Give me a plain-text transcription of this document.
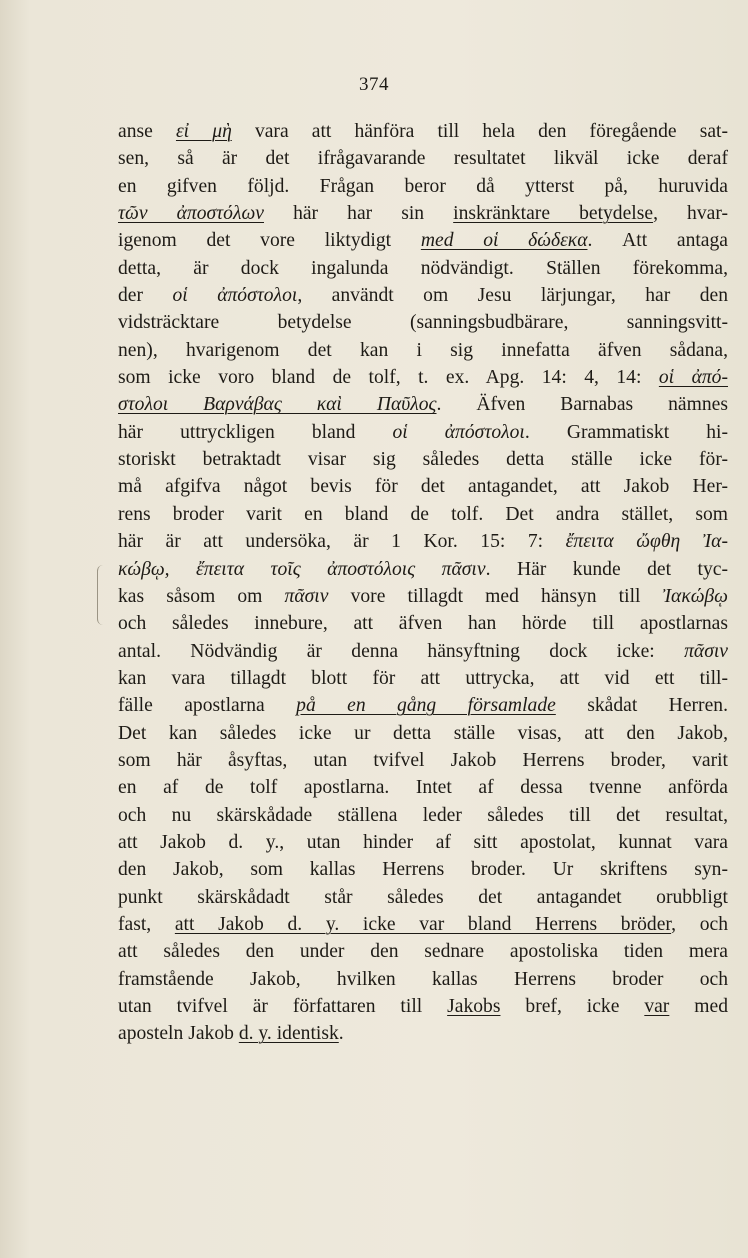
374
anse εἰ μὴ vara att hänföra till hela den föregående sat-
sen, så är det ifrågavarande resultatet likväl icke deraf
en gifven följd. Frågan beror då ytterst på, huruvida
τῶν ἀποστόλων här har sin inskränktare betydelse, hvar-
igenom det vore liktydigt med οἱ δώδεκα. Att antaga
detta, är dock ingalunda nödvändigt. Ställen förekomma,
der οἱ ἀπόστολοι, användt om Jesu lärjungar, har den
vidsträcktare betydelse (sanningsbudbärare, sanningsvitt-
nen), hvarigenom det kan i sig innefatta äfven sådana,
som icke voro bland de tolf, t. ex. Apg. 14: 4, 14: οἱ ἀπό-
στολοι Βαρνάβας καὶ Παῦλος. Äfven Barnabas nämnes
här uttryckligen bland οἱ ἀπόστολοι. Grammatiskt hi-
storiskt betraktadt visar sig således detta ställe icke för-
må afgifva något bevis för det antagandet, att Jakob Her-
rens broder varit en bland de tolf. Det andra stället, som
här är att undersöka, är 1 Kor. 15: 7: ἔπειτα ὤφθη Ἰα-
κώβῳ, ἔπειτα τοῖς ἀποστόλοις πᾶσιν. Här kunde det tyc-
kas såsom om πᾶσιν vore tillagdt med hänsyn till Ἰακώβῳ
och således innebure, att äfven han hörde till apostlarnas
antal. Nödvändig är denna hänsyftning dock icke: πᾶσιν
kan vara tillagdt blott för att uttrycka, att vid ett till-
fälle apostlarna på en gång församlade skådat Herren.
Det kan således icke ur detta ställe visas, att den Jakob,
som här åsyftas, utan tvifvel Jakob Herrens broder, varit
en af de tolf apostlarna. Intet af dessa tvenne anförda
och nu skärskådade ställena leder således till det resultat,
att Jakob d. y., utan hinder af sitt apostolat, kunnat vara
den Jakob, som kallas Herrens broder. Ur skriftens syn-
punkt skärskådadt står således det antagandet orubbligt
fast, att Jakob d. y. icke var bland Herrens bröder, och
att således den under den sednare apostoliska tiden mera
framstående Jakob, hvilken kallas Herrens broder och
utan tvifvel är författaren till Jakobs bref, icke var med
aposteln Jakob d. y. identisk.
